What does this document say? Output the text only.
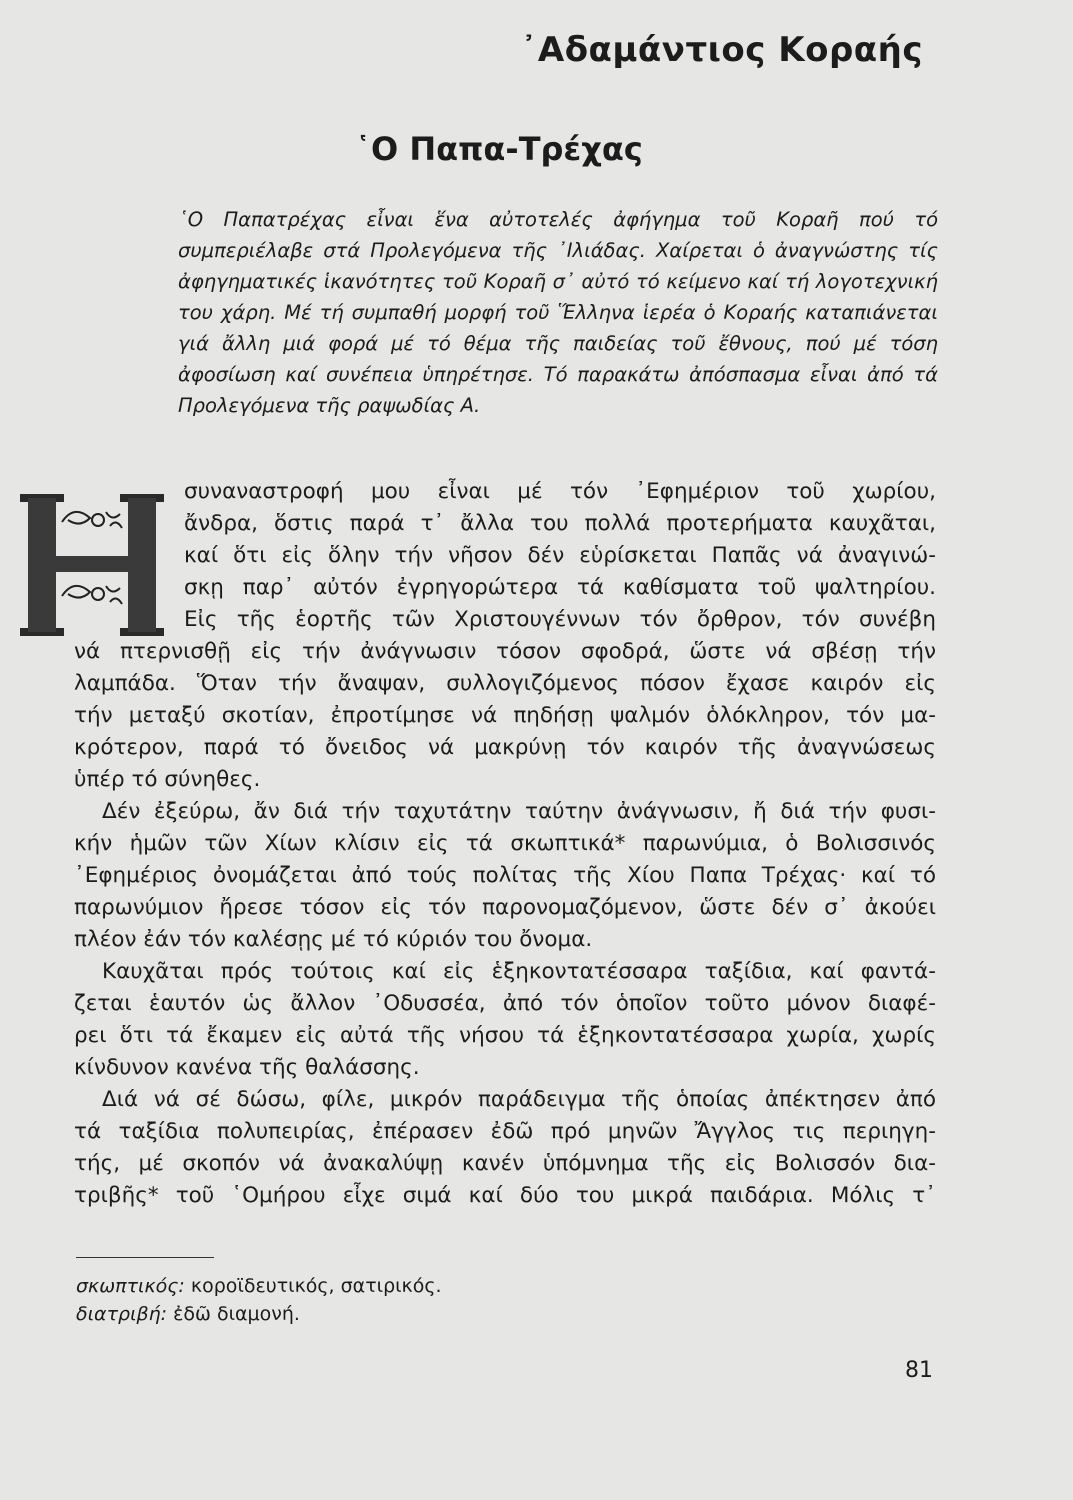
᾿Αδαμάντιος Κοραής
῾Ο Παπα-Τρέχας

῾Ο Παπατρέχας εἶναι ἕνα αὐτοτελές ἀφήγημα τοῦ Κοραῆ πού τό συμπεριέλαβε στά Προλεγόμενα τῆς ᾿Ιλιάδας. Χαίρεται ὁ ἀναγνώστης τίς ἀφηγηματικές ἱκανότητες τοῦ Κοραῆ σ᾿ αὐτό τό κείμενο καί τή λογοτεχνική του χάρη. Μέ τή συμπαθή μορφή τοῦ Ἕλληνα ἱερέα ὁ Κοραής καταπιάνεται γιά ἄλλη μιά φορά μέ τό θέμα τῆς παιδείας τοῦ ἔθνους, πού μέ τόση ἀφοσίωση καί συνέπεια ὑπηρέτησε. Τό παρακάτω ἀπόσπασμα εἶναι ἀπό τά Προλεγόμενα τῆς ραψωδίας Α.

Η

συναναστροφή μου εἶναι μέ τόν ᾿Εφημέριον τοῦ χωρίου,
ἄνδρα, ὅστις παρά τ᾿ ἄλλα του πολλά προτερήματα καυχᾶται,
καί ὅτι εἰς ὅλην τήν νῆσον δέν εὑρίσκεται Παπᾶς νά ἀναγινώ-
σκῃ παρ᾿ αὐτόν ἐγρηγορώτερα τά καθίσματα τοῦ ψαλτηρίου.
Εἰς τῆς ἑορτῆς τῶν Χριστουγέννων τόν ὄρθρον, τόν συνέβη
νά πτερνισθῇ εἰς τήν ἀνάγνωσιν τόσον σφοδρά, ὥστε νά σβέσῃ τήν
λαμπάδα. Ὅταν τήν ἄναψαν, συλλογιζόμενος πόσον ἔχασε καιρόν εἰς
τήν μεταξύ σκοτίαν, ἐπροτίμησε νά πηδήσῃ ψαλμόν ὁλόκληρον, τόν μα-
κρότερον, παρά τό ὄνειδος νά μακρύνῃ τόν καιρόν τῆς ἀναγνώσεως
ὑπέρ τό σύνηθες.

Δέν ἐξεύρω, ἄν διά τήν ταχυτάτην ταύτην ἀνάγνωσιν, ἤ διά τήν φυσι-
κήν ἡμῶν τῶν Χίων κλίσιν εἰς τά σκωπτικά* παρωνύμια, ὁ Βολισσινός
᾿Εφημέριος ὀνομάζεται ἀπό τούς πολίτας τῆς Χίου Παπα Τρέχας· καί τό
παρωνύμιον ἤρεσε τόσον εἰς τόν παρονομαζόμενον, ὥστε δέν σ᾿ ἀκούει
πλέον ἐάν τόν καλέσῃς μέ τό κύριόν του ὄνομα.

Καυχᾶται πρός τούτοις καί εἰς ἑξηκοντατέσσαρα ταξίδια, καί φαντά-
ζεται ἑαυτόν ὡς ἄλλον ᾿Οδυσσέα, ἀπό τόν ὁποῖον τοῦτο μόνον διαφέ-
ρει ὅτι τά ἔκαμεν εἰς αὐτά τῆς νήσου τά ἑξηκοντατέσσαρα χωρία, χωρίς
κίνδυνον κανένα τῆς θαλάσσης.

Διά νά σέ δώσω, φίλε, μικρόν παράδειγμα τῆς ὁποίας ἀπέκτησεν ἀπό
τά ταξίδια πολυπειρίας, ἐπέρασεν ἐδῶ πρό μηνῶν Ἄγγλος τις περιηγη-
τής, μέ σκοπόν νά ἀνακαλύψῃ κανέν ὑπόμνημα τῆς εἰς Βολισσόν δια-
τριβῆς* τοῦ ῾Ομήρου εἶχε σιμά καί δύο του μικρά παιδάρια. Μόλις τ᾿

σκωπτικός: κοροϊδευτικός, σατιρικός.
διατριβή: ἐδῶ διαμονή.
81
